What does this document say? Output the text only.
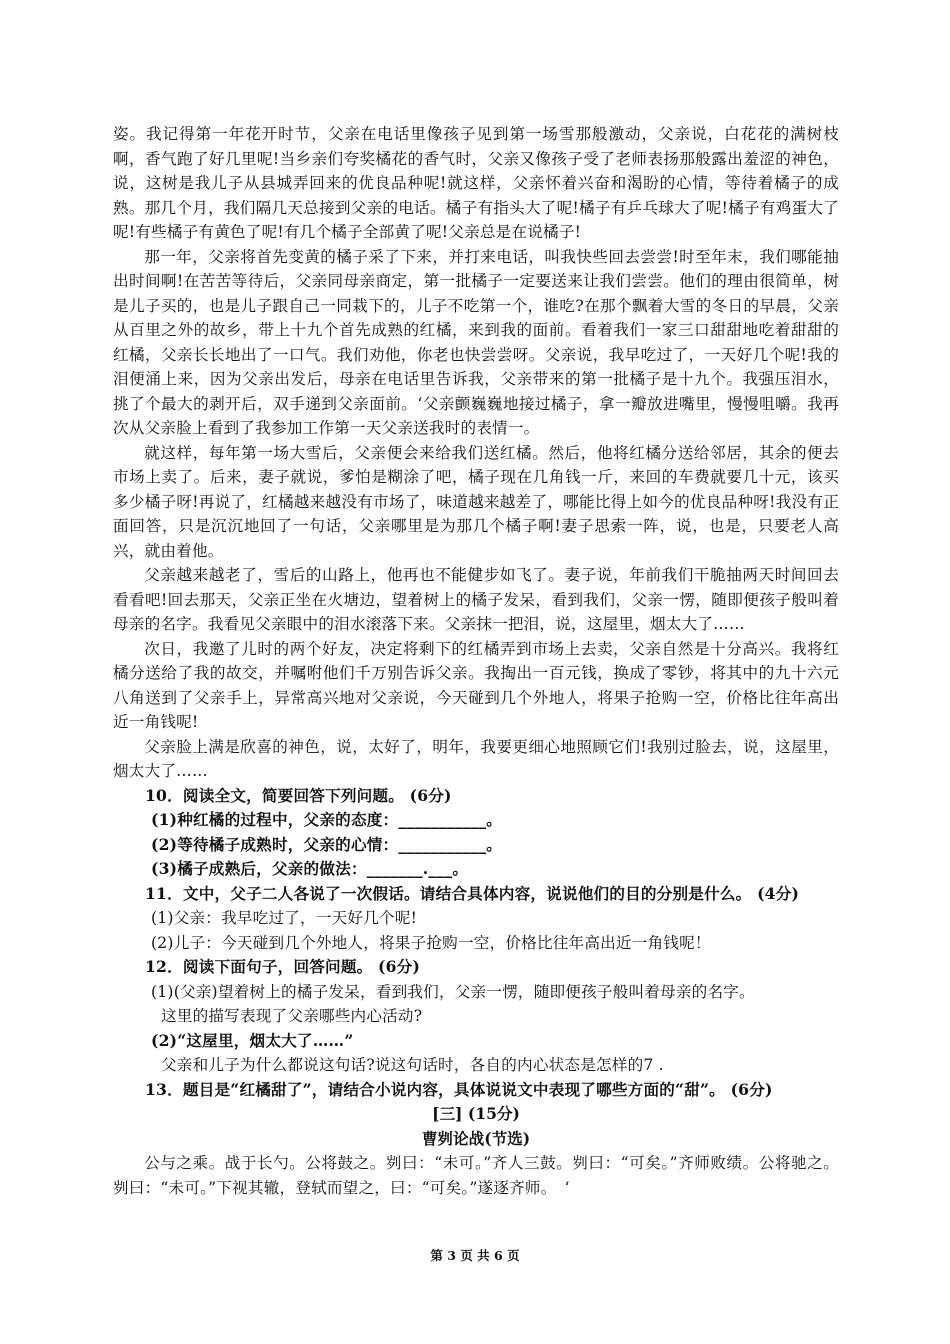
姿。我记得第一年花开时节，父亲在电话里像孩子见到第一场雪那般激动，父亲说，白花花的满树枝啊，香气跑了好几里呢!当乡亲们夸奖橘花的香气时，父亲又像孩子受了老师表扬那般露出羞涩的神色，说，这树是我儿子从县城弄回来的优良品种呢!就这样，父亲怀着兴奋和渴盼的心情，等待着橘子的成熟。那几个月，我们隔几天总接到父亲的电话。橘子有指头大了呢!橘子有乒乓球大了呢!橘子有鸡蛋大了呢!有些橘子有黄色了呢!有几个橘子全部黄了呢!父亲总是在说橘子!

那一年，父亲将首先变黄的橘子采了下来，并打来电话，叫我快些回去尝尝!时至年末，我们哪能抽出时间啊!在苦苦等待后，父亲同母亲商定，第一批橘子一定要送来让我们尝尝。他们的理由很简单，树是儿子买的，也是儿子跟自己一同栽下的，儿子不吃第一个，谁吃?在那个飘着大雪的冬日的早晨，父亲从百里之外的故乡，带上十九个首先成熟的红橘，来到我的面前。看着我们一家三口甜甜地吃着甜甜的红橘，父亲长长地出了一口气。我们劝他，你老也快尝尝呀。父亲说，我早吃过了，一天好几个呢!我的泪便涌上来，因为父亲出发后，母亲在电话里告诉我，父亲带来的第一批橘子是十九个。我强压泪水，挑了个最大的剥开后，双手递到父亲面前。‘父亲颤巍巍地接过橘子，拿一瓣放进嘴里，慢慢咀嚼。我再次从父亲脸上看到了我参加工作第一天父亲送我时的表情一。

就这样，每年第一场大雪后，父亲便会来给我们送红橘。然后，他将红橘分送给邻居，其余的便去市场上卖了。后来，妻子就说，爹怕是糊涂了吧，橘子现在几角钱一斤，来回的车费就要几十元，该买多少橘子呀!再说了，红橘越来越没有市场了，味道越来越差了，哪能比得上如今的优良品种呀!我没有正面回答，只是沉沉地回了一句话，父亲哪里是为那几个橘子啊!妻子思索一阵，说，也是，只要老人高兴，就由着他。

父亲越来越老了，雪后的山路上，他再也不能健步如飞了。妻子说，年前我们干脆抽两天时间回去看看吧!回去那天，父亲正坐在火塘边，望着树上的橘子发呆，看到我们，父亲一愣，随即便孩子般叫着母亲的名字。我看见父亲眼中的泪水滚落下来。父亲抹一把泪，说，这屋里，烟太大了……

次日，我邀了儿时的两个好友，决定将剩下的红橘弄到市场上去卖，父亲自然是十分高兴。我将红橘分送给了我的故交，并嘱咐他们千万别告诉父亲。我掏出一百元钱，换成了零钞，将其中的九十六元八角送到了父亲手上，异常高兴地对父亲说，今天碰到几个外地人，将果子抢购一空，价格比往年高出近一角钱呢!

父亲脸上满是欣喜的神色，说，太好了，明年，我要更细心地照顾它们!我别过脸去，说，这屋里，烟太大了……

10．阅读全文，简要回答下列问题。 (6分)

(1)种红橘的过程中，父亲的态度：___________。

(2)等待橘子成熟时，父亲的心情：___________。

(3)橘子成熟后，父亲的做法：_______.___。

11．文中，父子二人各说了一次假话。请结合具体内容，说说他们的目的分别是什么。 (4分)

(1)父亲：我早吃过了，一天好几个呢!

(2)儿子：今天碰到几个外地人，将果子抢购一空，价格比往年高出近一角钱呢！

12．阅读下面句子，回答问题。 (6分)

(1)(父亲)望着树上的橘子发呆，看到我们，父亲一愣，随即便孩子般叫着母亲的名字。

这里的描写表现了父亲哪些内心活动?

(2)“这屋里，烟太大了……”

父亲和儿子为什么都说这句话?说这句话时，各自的内心状态是怎样的7 .

13．题目是“红橘甜了”，请结合小说内容，具体说说文中表现了哪些方面的“甜”。 (6分)

[三] (15分)

曹刿论战(节选)

公与之乘。战于长勺。公将鼓之。刿曰：“未可。”齐人三鼓。刿曰：“可矣。”齐师败绩。公将驰之。刿曰：“未可。”下视其辙，登轼而望之，曰：“可矣。”遂逐齐师。　‘

第 3 页 共 6 页
